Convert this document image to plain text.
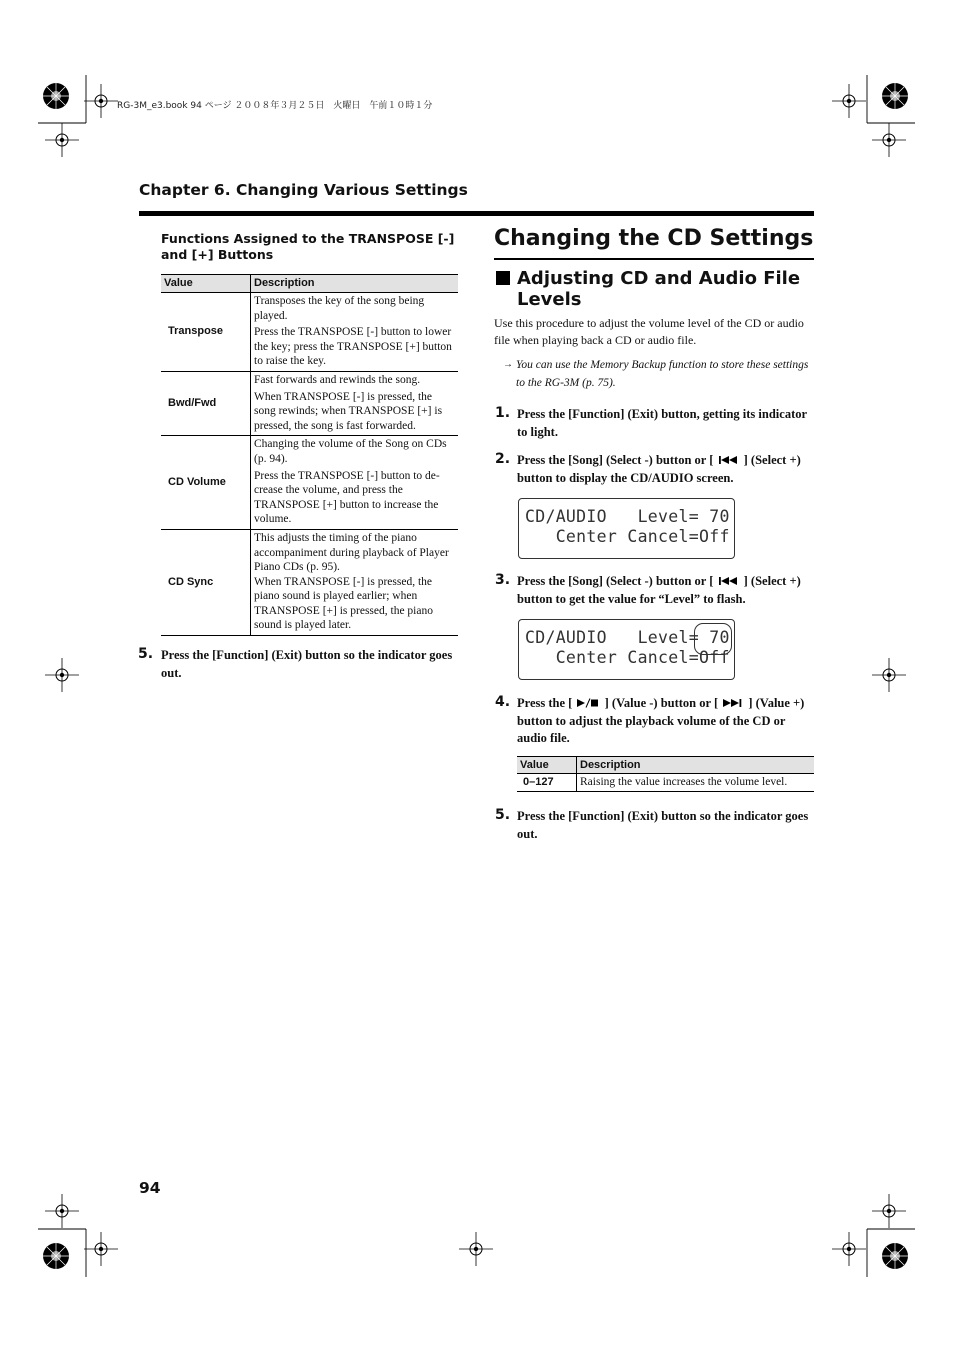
RG-3M_e3.book 94 ページ ２００８年３月２５日　火曜日　午前１０時１分
Chapter 6. Changing Various Settings
Functions Assigned to the TRANSPOSE [-] and [+] Buttons
Value	Description
Transpose	Transposes the key of the song being played.

Press the TRANSPOSE [-] button to lower the key; press the TRANSPOSE [+] button to raise the key.

Bwd/Fwd	Fast forwards and rewinds the song.

When TRANSPOSE [-] is pressed, the song rewinds; when TRANSPOSE [+] is pressed, the song is fast forwarded.

CD Volume	Changing the volume of the Song on CDs (p. 94).

Press the TRANSPOSE [-] button to de-crease the volume, and press the TRANSPOSE [+] button to increase the volume.

CD Sync	This adjusts the timing of the piano accompaniment during playback of Player Piano CDs (p. 95).

When TRANSPOSE [-] is pressed, the piano sound is played earlier; when TRANSPOSE [+] is pressed, the piano sound is played later.

5. Press the [Function] (Exit) button so the indicator goes out.
Changing the CD Settings
Adjusting CD and Audio File Levels
Use this procedure to adjust the volume level of the CD or audio file when playing back a CD or audio file.
→ You can use the Memory Backup function to store these settings to the RG-3M (p. 75).
1. Press the [Function] (Exit) button, getting its indicator to light.
2. Press the [Song] (Select -) button or [ ] (Select +) button to display the CD/AUDIO screen.
CD/AUDIO   Level= 70
Center Cancel=Off
3. Press the [Song] (Select -) button or [ ] (Select +) button to get the value for “Level” to flash.
CD/AUDIO   Level= 70
Center Cancel=Off
4. Press the [	] (Value -) button or [ ] (Value +) button to adjust the playback volume of the CD or audio file.
Value	Description
0–127	Raising the value increases the volume level.
5. Press the [Function] (Exit) button so the indicator goes out.
94
